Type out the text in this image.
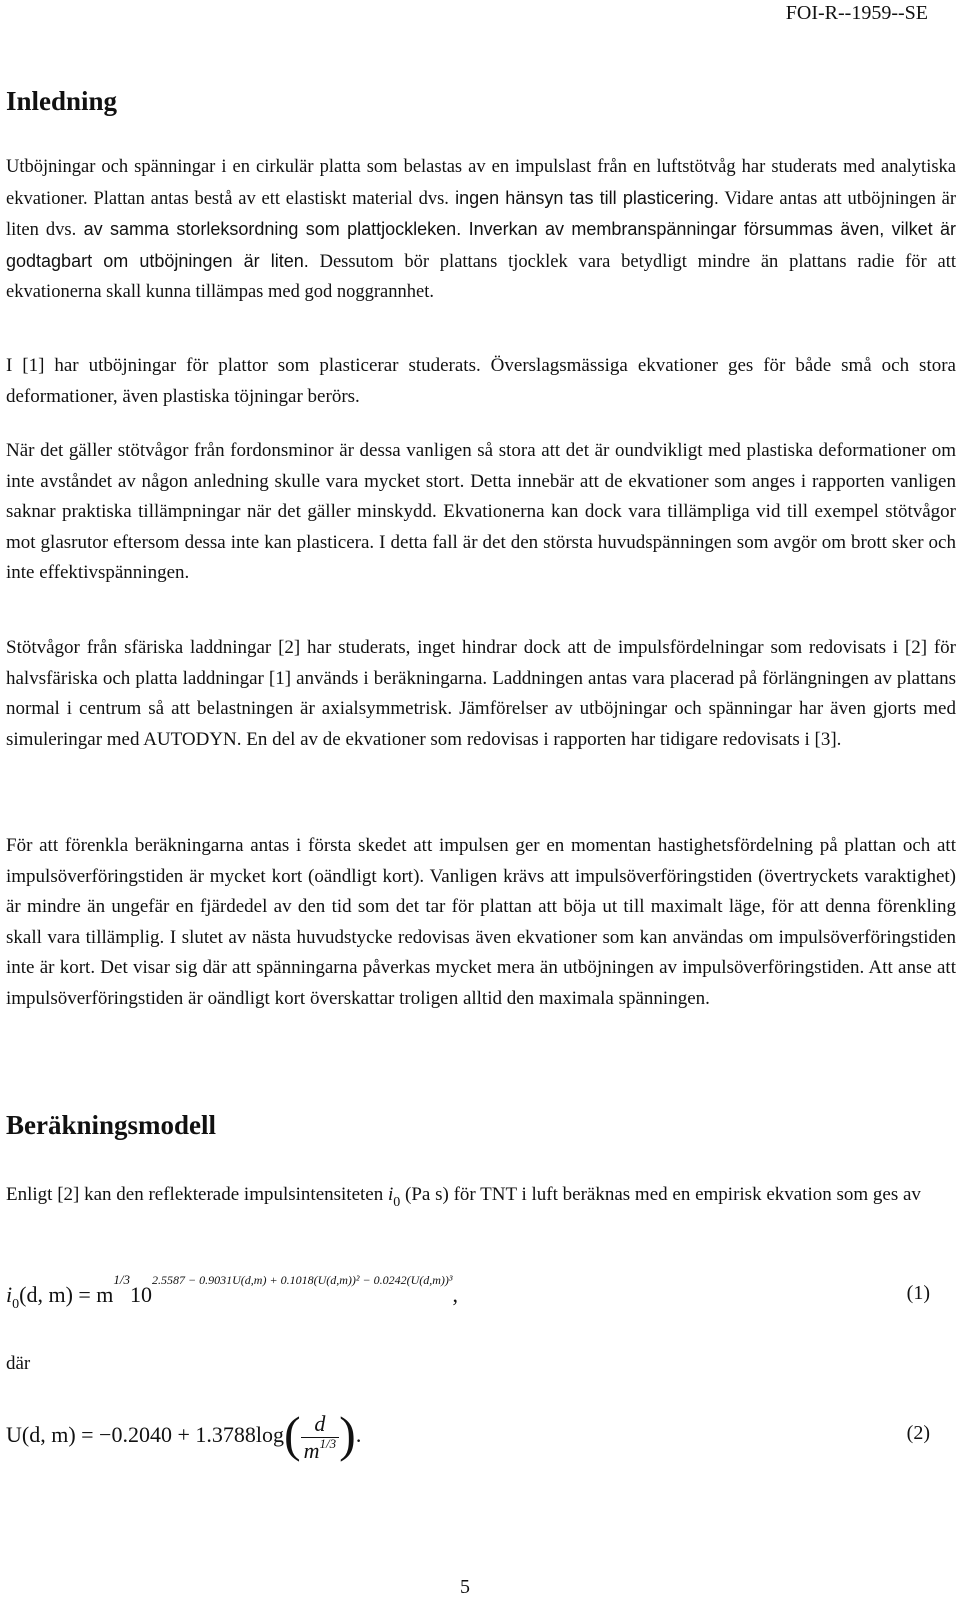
FOI-R--1959--SE
Inledning

Utböjningar och spänningar i en cirkulär platta som belastas av en impulslast från en luftstötvåg har studerats med analytiska ekvationer. Plattan antas bestå av ett elastiskt material dvs. ingen hänsyn tas till plasticering. Vidare antas att utböjningen är liten dvs. av samma storleksordning som plattjockleken. Inverkan av membranspänningar försummas även, vilket är godtagbart om utböjningen är liten. Dessutom bör plattans tjocklek vara betydligt mindre än plattans radie för att ekvationerna skall kunna tillämpas med god noggrannhet.

I [1] har utböjningar för plattor som plasticerar studerats. Överslagsmässiga ekvationer ges för både små och stora deformationer, även plastiska töjningar berörs.

När det gäller stötvågor från fordonsminor är dessa vanligen så stora att det är oundvikligt med plastiska deformationer om inte avståndet av någon anledning skulle vara mycket stort. Detta innebär att de ekvationer som anges i rapporten vanligen saknar praktiska tillämpningar när det gäller minskydd. Ekvationerna kan dock vara tillämpliga vid till exempel stötvågor mot glasrutor eftersom dessa inte kan plasticera. I detta fall är det den största huvudspänningen som avgör om brott sker och inte effektivspänningen.

Stötvågor från sfäriska laddningar [2] har studerats, inget hindrar dock att de impulsfördelningar som redovisats i [2] för halvsfäriska och platta laddningar [1] används i beräkningarna. Laddningen antas vara placerad på förlängningen av plattans normal i centrum så att belastningen är axialsymmetrisk. Jämförelser av utböjningar och spänningar har även gjorts med simuleringar med AUTODYN. En del av de ekvationer som redovisas i rapporten har tidigare redovisats i [3].

För att förenkla beräkningarna antas i första skedet att impulsen ger en momentan hastighetsfördelning på plattan och att impulsöverföringstiden är mycket kort (oändligt kort). Vanligen krävs att impulsöverföringstiden (övertryckets varaktighet) är mindre än ungefär en fjärdedel av den tid som det tar för plattan att böja ut till maximalt läge, för att denna förenkling skall vara tillämplig. I slutet av nästa huvudstycke redovisas även ekvationer som kan användas om impulsöverföringstiden inte är kort. Det visar sig där att spänningarna påverkas mycket mera än utböjningen av impulsöverföringstiden. Att anse att impulsöverföringstiden är oändligt kort överskattar troligen alltid den maximala spänningen.

Beräkningsmodell

Enligt [2] kan den reflekterade impulsintensiteten $i_0$ (Pa s) för TNT i luft beräknas med en empirisk ekvation som ges av

$i_0(d$, $m) = m^{1/3}10^{2.5587 - 0.9031U(d,m) + 0.1018(U(d,m))^2 - 0.0242(U(d,m))^3}$,	(1)

där

U(d, $m) = -0.2040 + 1.3788\log( \frac{d}{m^{1/3}}$ ).	(2)
5
